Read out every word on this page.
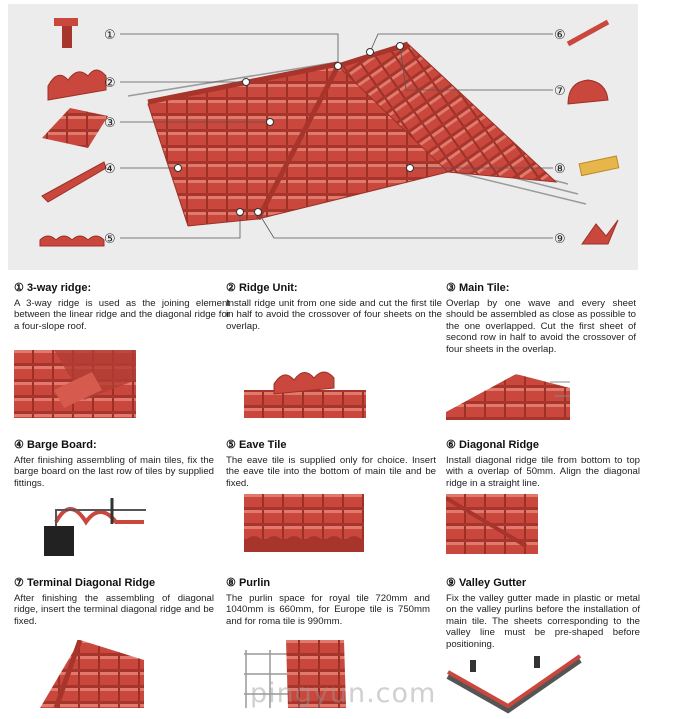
①
②
③
④
⑤
⑥
⑦
⑧
⑨
① 3-way ridge:

A 3-way ridge is used as the joining element between the linear ridge and the diagonal ridge for a four-slope roof.

② Ridge Unit:

Install ridge unit from one side and cut the first tile in half to avoid the crossover of four sheets on the overlap.

③ Main Tile:

Overlap by one wave and every sheet should be assembled as close as possible to the one overlapped. Cut the first sheet of second row in half to avoid the crossover of four sheets in the overlap.

④ Barge Board:

After finishing assembling of main tiles, fix the barge board on the last row of tiles by supplied fittings.

⑤ Eave Tile

The eave tile is supplied only for choice. Insert the eave tile into the bottom of main tile and be fixed.

⑥ Diagonal Ridge

Install diagonal ridge tile from bottom to top with a overlap of 50mm. Align the diagonal ridge in a straight line.

⑦ Terminal Diagonal Ridge

After finishing the assembling of diagonal ridge, insert the terminal diagonal ridge and be fixed.

⑧ Purlin

The purlin space for royal tile 720mm and 1040mm is 660mm, for Europe tile is 750mm and for roma tile is 990mm.

⑨ Valley Gutter

Fix the valley gutter made in plastic or metal on the valley purlins before the installation of main tile. The sheets corresponding to the valley line must be pre-shaped before positioning.

pingyun.com
